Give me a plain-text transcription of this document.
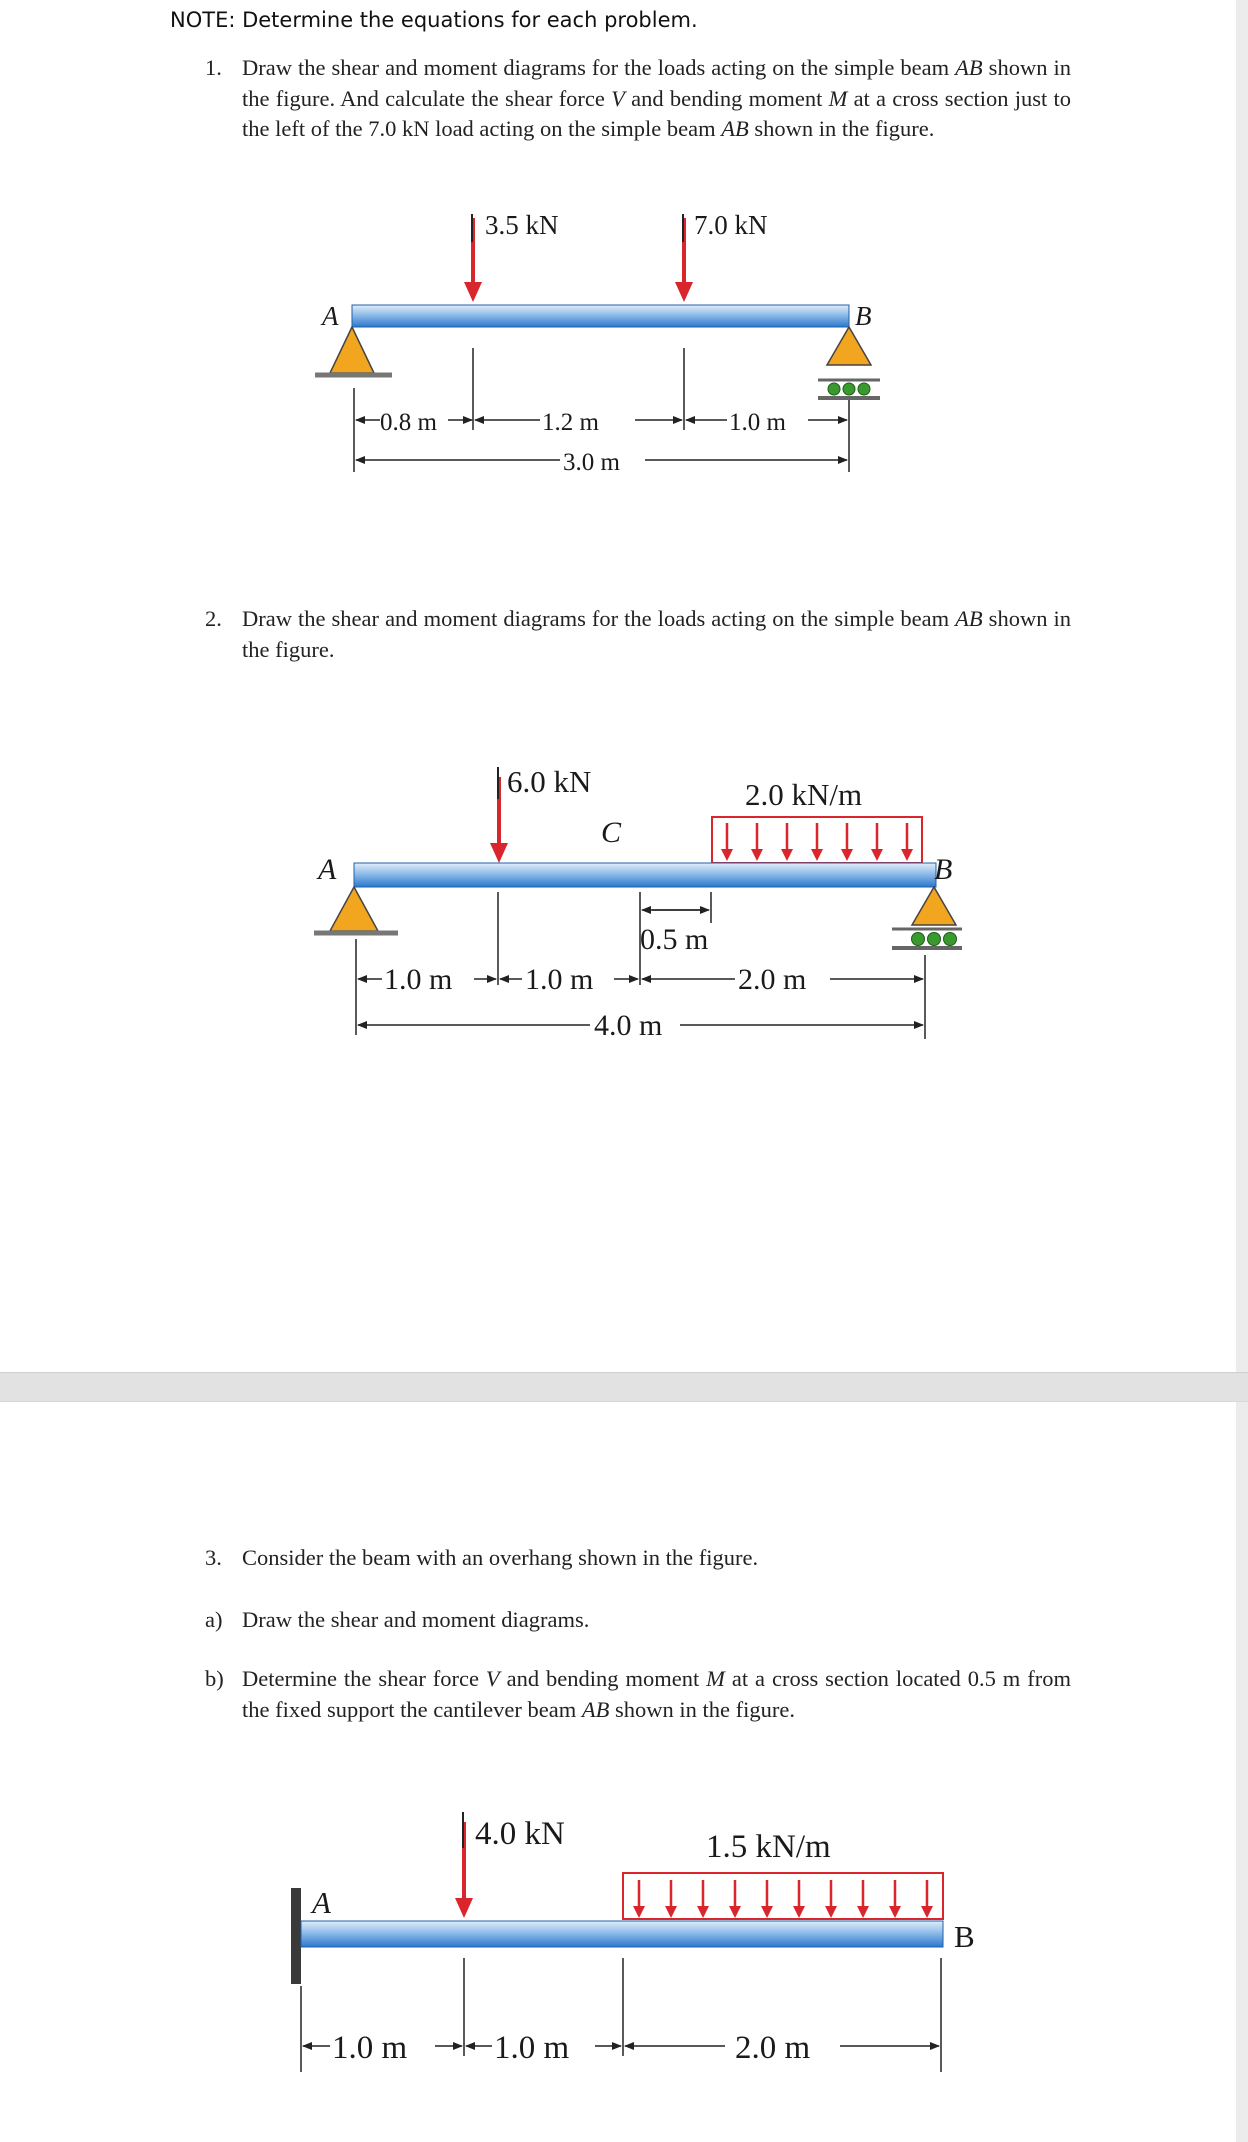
NOTE: Determine the equations for each problem.
1. Draw the shear and moment diagrams for the loads acting on the simple beam AB shown in the figure. And calculate the shear force V and bending moment M at a cross section just to the left of the 7.0 kN load acting on the simple beam AB shown in the figure.
3.5 kN	7.0 kN
A	B
0.8 m	1.2 m	1.0 m
3.0 m
2. Draw the shear and moment diagrams for the loads acting on the simple beam AB shown in the figure.
6.0 kN	2.0 kN/m
C
A	B
0.5 m
1.0 m 1.0 m	2.0 m
4.0 m
3. Consider the beam with an overhang shown in the figure.
a) Draw the shear and moment diagrams.
b) Determine the shear force V and bending moment M at a cross section located 0.5 m from the fixed support the cantilever beam AB shown in the figure.
4.0 kN	1.5 kN/m
A
B
1.0 m	1.0 m	2.0 m
